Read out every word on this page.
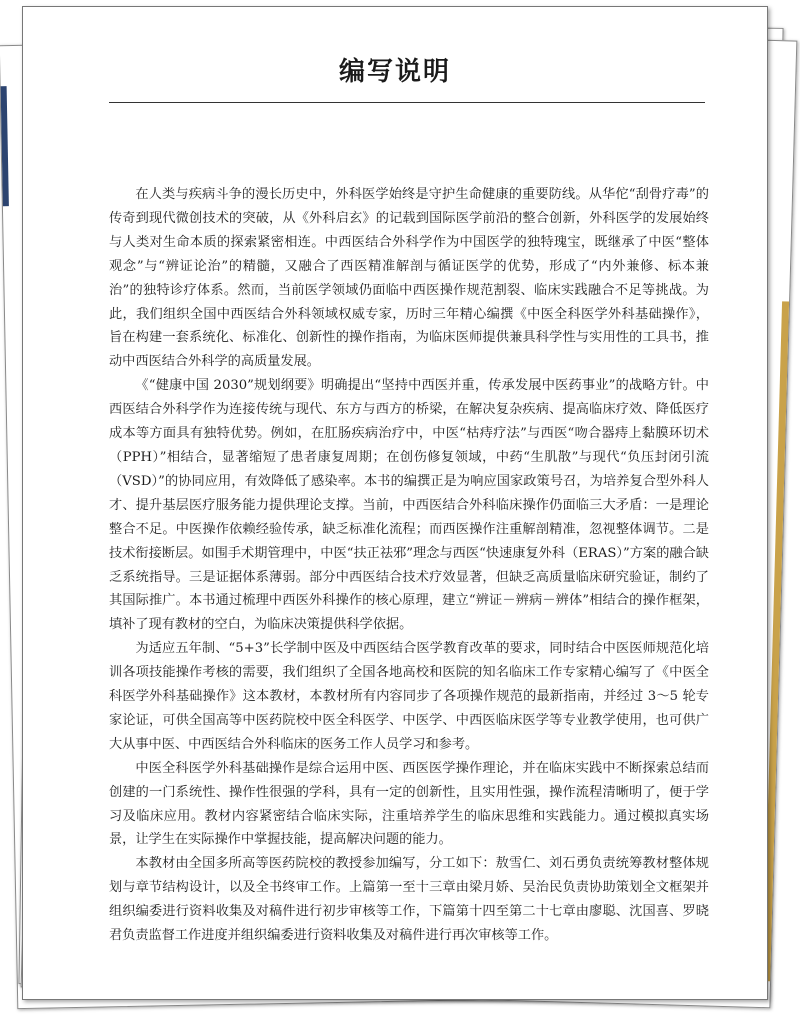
编写说明

在人类与疾病斗争的漫长历史中，外科医学始终是守护生命健康的重要防线。从华佗“刮骨疗毒”的传奇到现代微创技术的突破，从《外科启玄》的记载到国际医学前沿的整合创新，外科医学的发展始终与人类对生命本质的探索紧密相连。中西医结合外科学作为中国医学的独特瑰宝，既继承了中医“整体观念”与“辨证论治”的精髓，又融合了西医精准解剖与循证医学的优势，形成了“内外兼修、标本兼治”的独特诊疗体系。然而，当前医学领域仍面临中西医操作规范割裂、临床实践融合不足等挑战。为此，我们组织全国中西医结合外科领域权威专家，历时三年精心编撰《中医全科医学外科基础操作》，旨在构建一套系统化、标准化、创新性的操作指南，为临床医师提供兼具科学性与实用性的工具书，推动中西医结合外科学的高质量发展。

《“健康中国 2030”规划纲要》明确提出“坚持中西医并重，传承发展中医药事业”的战略方针。中西医结合外科学作为连接传统与现代、东方与西方的桥梁，在解决复杂疾病、提高临床疗效、降低医疗成本等方面具有独特优势。例如，在肛肠疾病治疗中，中医“枯痔疗法”与西医“吻合器痔上黏膜环切术（PPH）”相结合，显著缩短了患者康复周期；在创伤修复领域，中药“生肌散”与现代“负压封闭引流（VSD）”的协同应用，有效降低了感染率。本书的编撰正是为响应国家政策号召，为培养复合型外科人才、提升基层医疗服务能力提供理论支撑。当前，中西医结合外科临床操作仍面临三大矛盾：一是理论整合不足。中医操作依赖经验传承，缺乏标准化流程；而西医操作注重解剖精准，忽视整体调节。二是技术衔接断层。如围手术期管理中，中医“扶正祛邪”理念与西医“快速康复外科（ERAS）”方案的融合缺乏系统指导。三是证据体系薄弱。部分中西医结合技术疗效显著，但缺乏高质量临床研究验证，制约了其国际推广。本书通过梳理中西医外科操作的核心原理，建立“辨证－辨病－辨体”相结合的操作框架，填补了现有教材的空白，为临床决策提供科学依据。

为适应五年制、“5+3”长学制中医及中西医结合医学教育改革的要求，同时结合中医医师规范化培训各项技能操作考核的需要，我们组织了全国各地高校和医院的知名临床工作专家精心编写了《中医全科医学外科基础操作》这本教材，本教材所有内容同步了各项操作规范的最新指南，并经过 3～5 轮专家论证，可供全国高等中医药院校中医全科医学、中医学、中西医临床医学等专业教学使用，也可供广大从事中医、中西医结合外科临床的医务工作人员学习和参考。

中医全科医学外科基础操作是综合运用中医、西医医学操作理论，并在临床实践中不断探索总结而创建的一门系统性、操作性很强的学科，具有一定的创新性，且实用性强，操作流程清晰明了，便于学习及临床应用。教材内容紧密结合临床实际，注重培养学生的临床思维和实践能力。通过模拟真实场景，让学生在实际操作中掌握技能，提高解决问题的能力。

本教材由全国多所高等医药院校的教授参加编写，分工如下：敖雪仁、刘石勇负责统筹教材整体规划与章节结构设计，以及全书终审工作。上篇第一至十三章由梁月娇、吴治民负责协助策划全文框架并组织编委进行资料收集及对稿件进行初步审核等工作，下篇第十四至第二十七章由廖聪、沈国喜、罗晓君负责监督工作进度并组织编委进行资料收集及对稿件进行再次审核等工作。
